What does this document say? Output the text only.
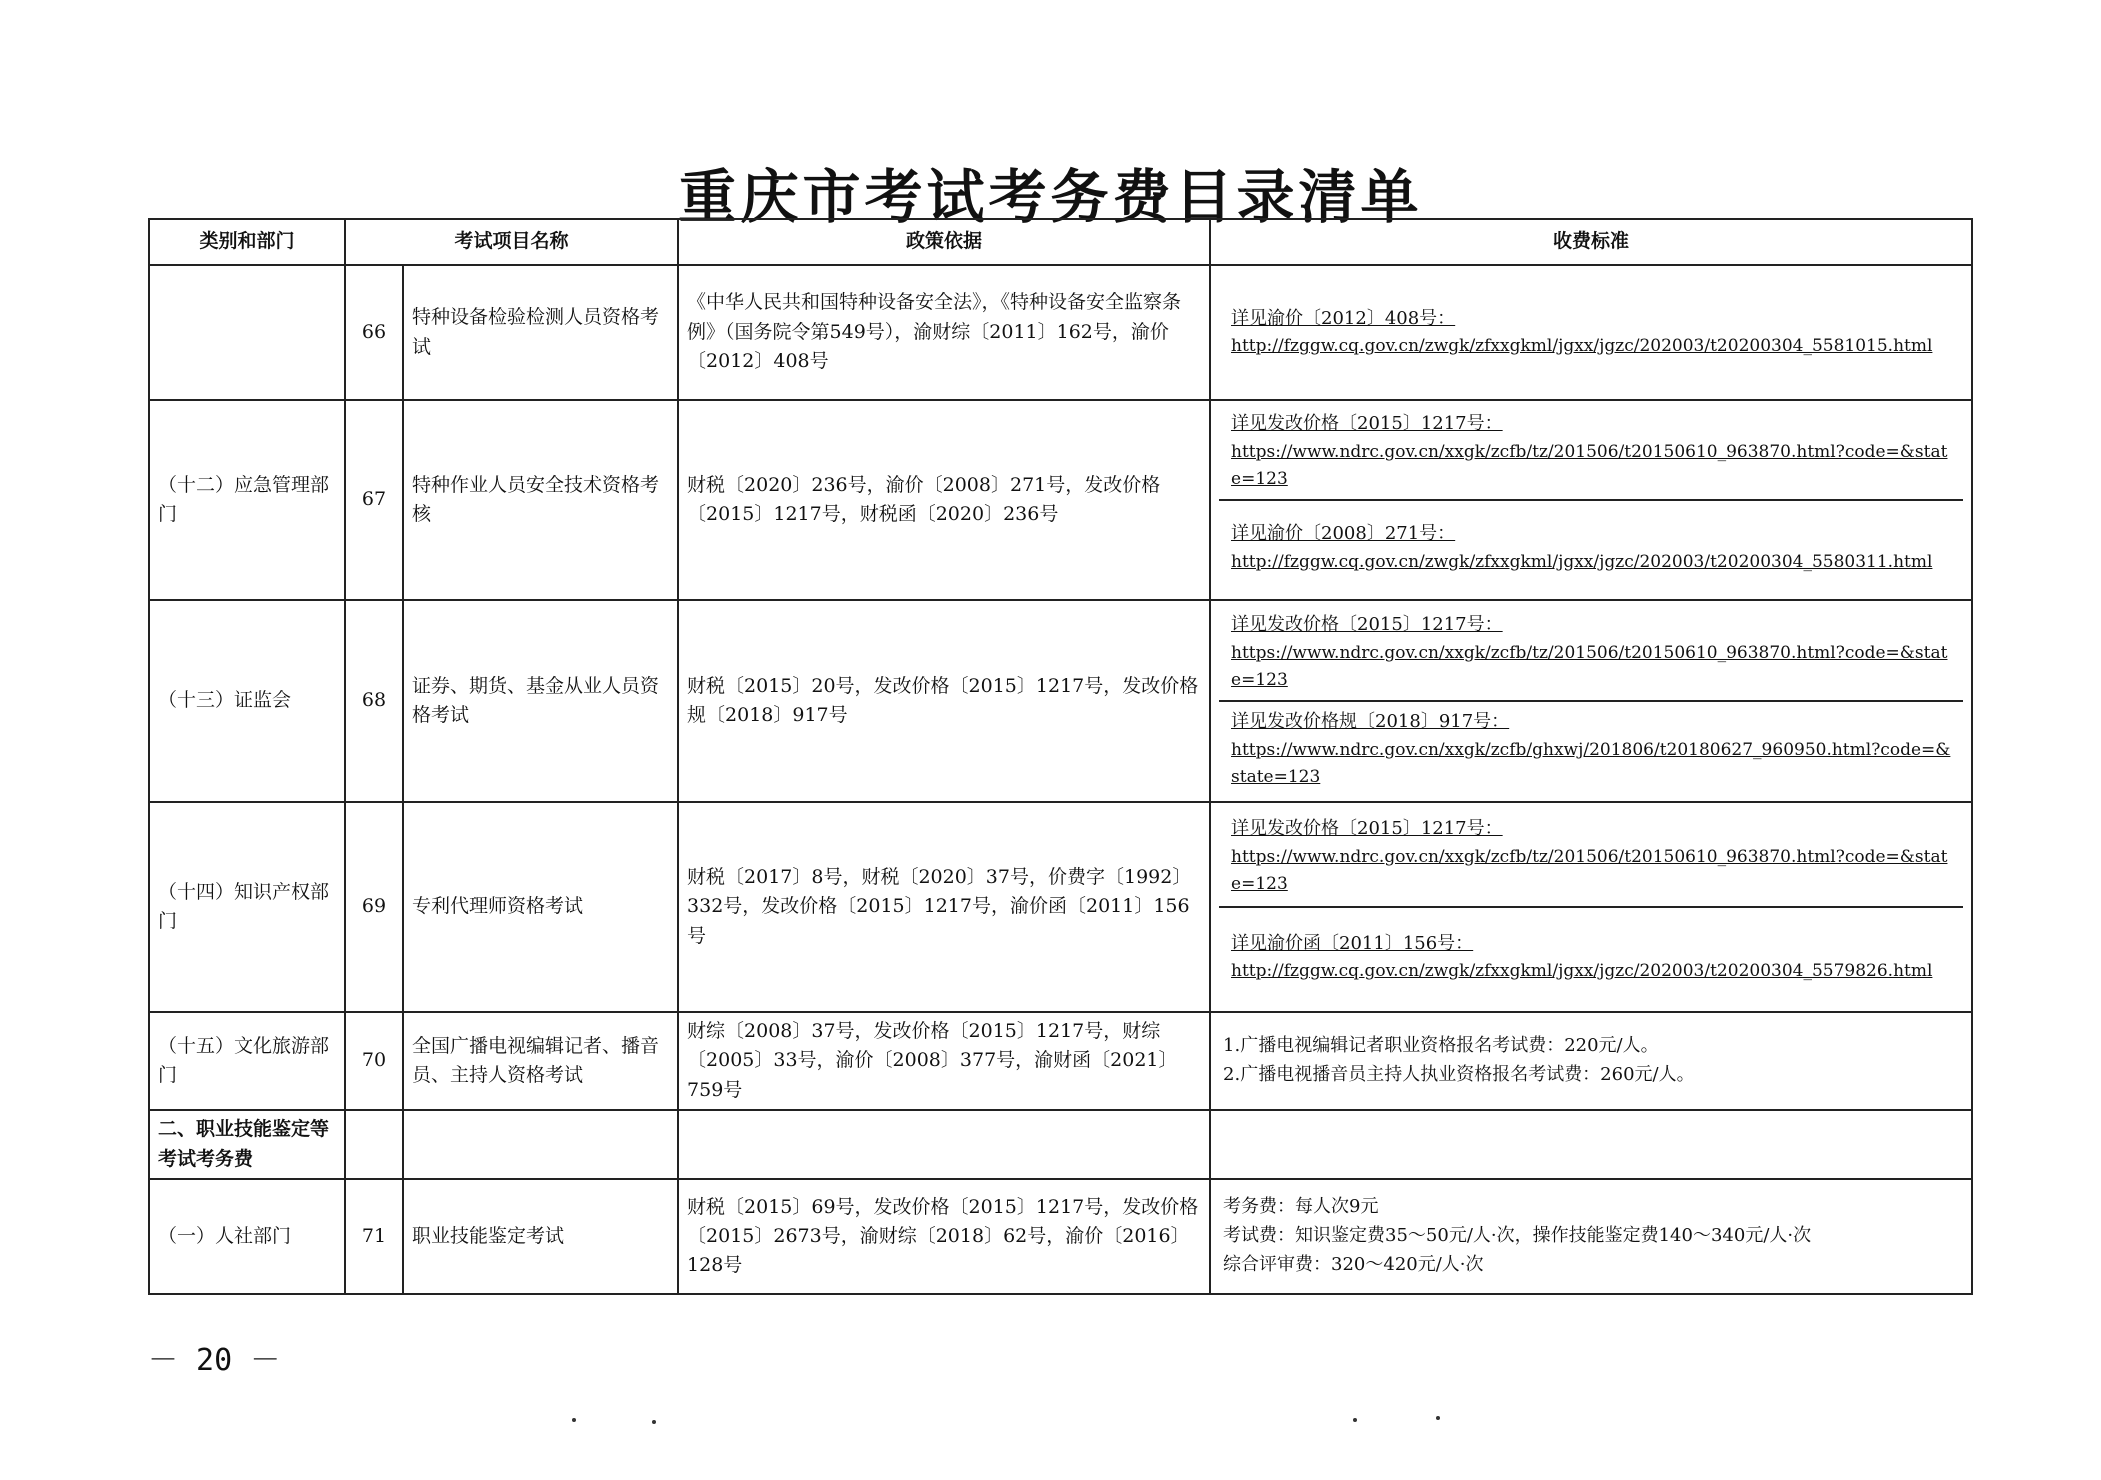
重庆市考试考务费目录清单
类别和部门	考试项目名称		政策依据	收费标准
	66	特种设备检验检测人员资格考试	《中华人民共和国特种设备安全法》，《特种设备安全监察条例》（国务院令第549号），渝财综〔2011〕162号，渝价〔2012〕408号	详见渝价〔2012〕408号：
http://fzggw.cq.gov.cn/zwgk/zfxxgkml/jgxx/jgzc/202003/t20200304_5581015.html

（十二）应急管理部门	67	特种作业人员安全技术资格考核	财税〔2020〕236号，渝价〔2008〕271号，发改价格〔2015〕1217号，财税函〔2020〕236号	详见发改价格〔2015〕1217号：
https://www.ndrc.gov.cn/xxgk/zcfb/tz/201506/t20150610_963870.html?code=&state=123
详见渝价〔2008〕271号：
http://fzggw.cq.gov.cn/zwgk/zfxxgkml/jgxx/jgzc/202003/t20200304_5580311.html

（十三）证监会	68	证券、期货、基金从业人员资格考试	财税〔2015〕20号，发改价格〔2015〕1217号，发改价格规〔2018〕917号	详见发改价格〔2015〕1217号：
https://www.ndrc.gov.cn/xxgk/zcfb/tz/201506/t20150610_963870.html?code=&state=123
详见发改价格规〔2018〕917号：
https://www.ndrc.gov.cn/xxgk/zcfb/ghxwj/201806/t20180627_960950.html?code=&state=123

（十四）知识产权部门	69	专利代理师资格考试	财税〔2017〕8号，财税〔2020〕37号，价费字〔1992〕332号，发改价格〔2015〕1217号，渝价函〔2011〕156号	详见发改价格〔2015〕1217号：
https://www.ndrc.gov.cn/xxgk/zcfb/tz/201506/t20150610_963870.html?code=&state=123
详见渝价函〔2011〕156号：
http://fzggw.cq.gov.cn/zwgk/zfxxgkml/jgxx/jgzc/202003/t20200304_5579826.html

（十五）文化旅游部门	70	全国广播电视编辑记者、播音员、主持人资格考试	财综〔2008〕37号，发改价格〔2015〕1217号，财综〔2005〕33号，渝价〔2008〕377号，渝财函〔2021〕759号	1.广播电视编辑记者职业资格报名考试费：220元/人。
2.广播电视播音员主持人执业资格报名考试费：260元/人。

二、职业技能鉴定等考试考务费				
（一）人社部门	71	职业技能鉴定考试	财税〔2015〕69号，发改价格〔2015〕1217号，发改价格〔2015〕2673号，渝财综〔2018〕62号，渝价〔2016〕128号	考务费：每人次9元
考试费：知识鉴定费35～50元/人·次，操作技能鉴定费140～340元/人·次
综合评审费：320～420元/人·次
－ 20 －
